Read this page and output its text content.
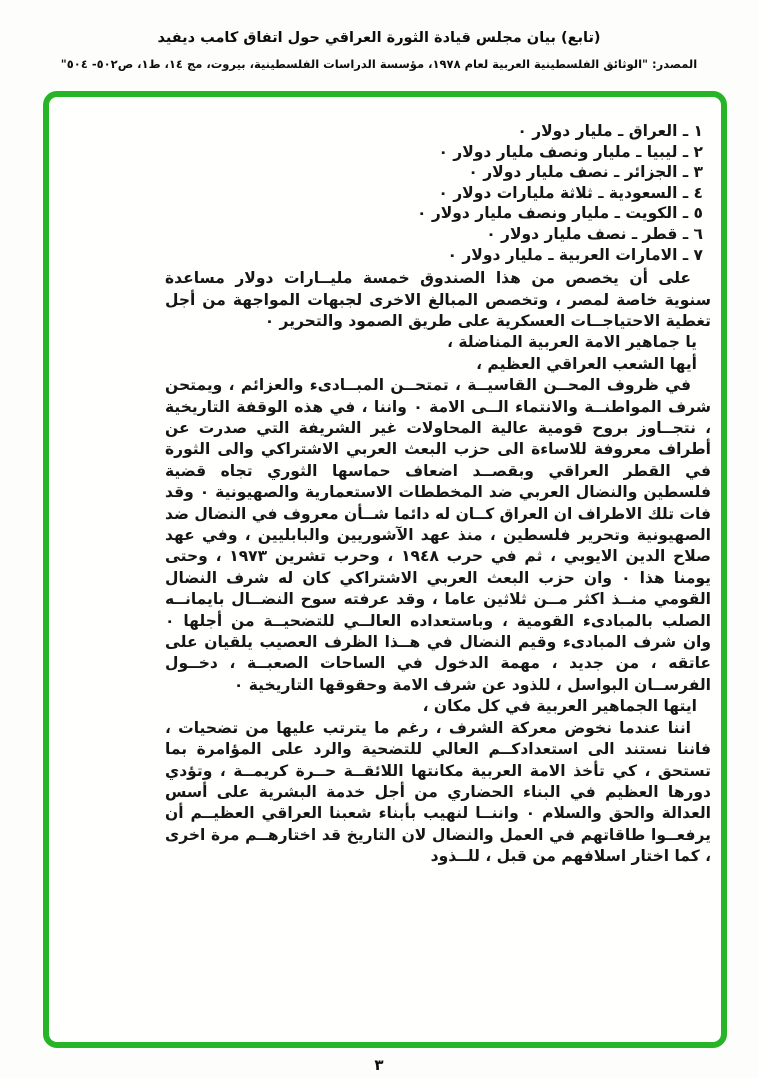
(تابع) بيان مجلس قيادة الثورة العراقي حول اتفاق كامب ديفيد
المصدر: "الوثائق الفلسطينية العربية لعام ١٩٧٨، مؤسسة الدراسات الفلسطينية، بيروت، مج ١٤، ط١، ص٥٠٢- ٥٠٤"
١ ـ العراق ـ مليار دولار ٠
٢ ـ ليبيا ـ مليار ونصف مليار دولار ٠
٣ ـ الجزائر ـ نصف مليار دولار ٠
٤ ـ السعودية ـ ثلاثة مليارات دولار ٠
٥ ـ الكويت ـ مليار ونصف مليار دولار ٠
٦ ـ قطر ـ نصف مليار دولار ٠
٧ ـ الامارات العربية ـ مليار دولار ٠

على أن يخصص من هذا الصندوق خمسة مليــارات دولار مساعدة سنوية خاصة لمصر ، وتخصص المبالغ الاخرى لجبهات المواجهة من أجل تغطية الاحتياجــات العسكرية على طريق الصمود والتحرير ٠

يا جماهير الامة العربية المناضلة ،
أيها الشعب العراقي العظيم ،

في ظروف المحــن القاسيــة ، تمتحــن المبــادىء والعزائم ، ويمتحن شرف المواطنــة والانتماء الــى الامة ٠ واننا ، في هذه الوقفة التاريخية ، نتجــاوز بروح قومية عالية المحاولات غير الشريفة التي صدرت عن أطراف معروفة للاساءة الى حزب البعث العربي الاشتراكي والى الثورة في القطر العراقي وبقصــد اضعاف حماسها الثوري تجاه قضية فلسطين والنضال العربي ضد المخططات الاستعمارية والصهيونية ٠ وقد فات تلك الاطراف ان العراق كــان له دائما شــأن معروف في النضال ضد الصهيونية وتحرير فلسطين ، منذ عهد الآشوريين والبابليين ، وفي عهد صلاح الدين الايوبي ، ثم في حرب ١٩٤٨ ، وحرب تشرين ١٩٧٣ ، وحتى يومنا هذا ٠ وان حزب البعث العربي الاشتراكي كان له شرف النضال القومي منــذ اكثر مــن ثلاثين عاما ، وقد عرفته سوح النضــال بايمانــه الصلب بالمبادىء القومية ، وباستعداده العالــي للتضحيــة من أجلها ٠ وان شرف المبادىء وقيم النضال في هــذا الظرف العصيب يلقيان على عاتقه ، من جديد ، مهمة الدخول في الساحات الصعبــة ، دخــول الفرســان البواسل ، للذود عن شرف الامة وحقوقها التاريخية ٠

ايتها الجماهير العربية في كل مكان ،

اننا عندما نخوض معركة الشرف ، رغم ما يترتب عليها من تضحيات ، فاننا نستند الى استعدادكــم العالي للتضحية والرد على المؤامرة بما تستحق ، كي تأخذ الامة العربية مكانتها اللائقــة حــرة كريمــة ، وتؤدي دورها العظيم في البناء الحضاري من أجل خدمة البشرية على أسس العدالة والحق والسلام ٠ واننــا لنهيب بأبناء شعبنا العراقي العظيــم أن يرفعــوا طاقاتهم في العمل والنضال لان التاريخ قد اختارهــم مرة اخرى ، كما اختار اسلافهم من قبل ، للــذود

٣
